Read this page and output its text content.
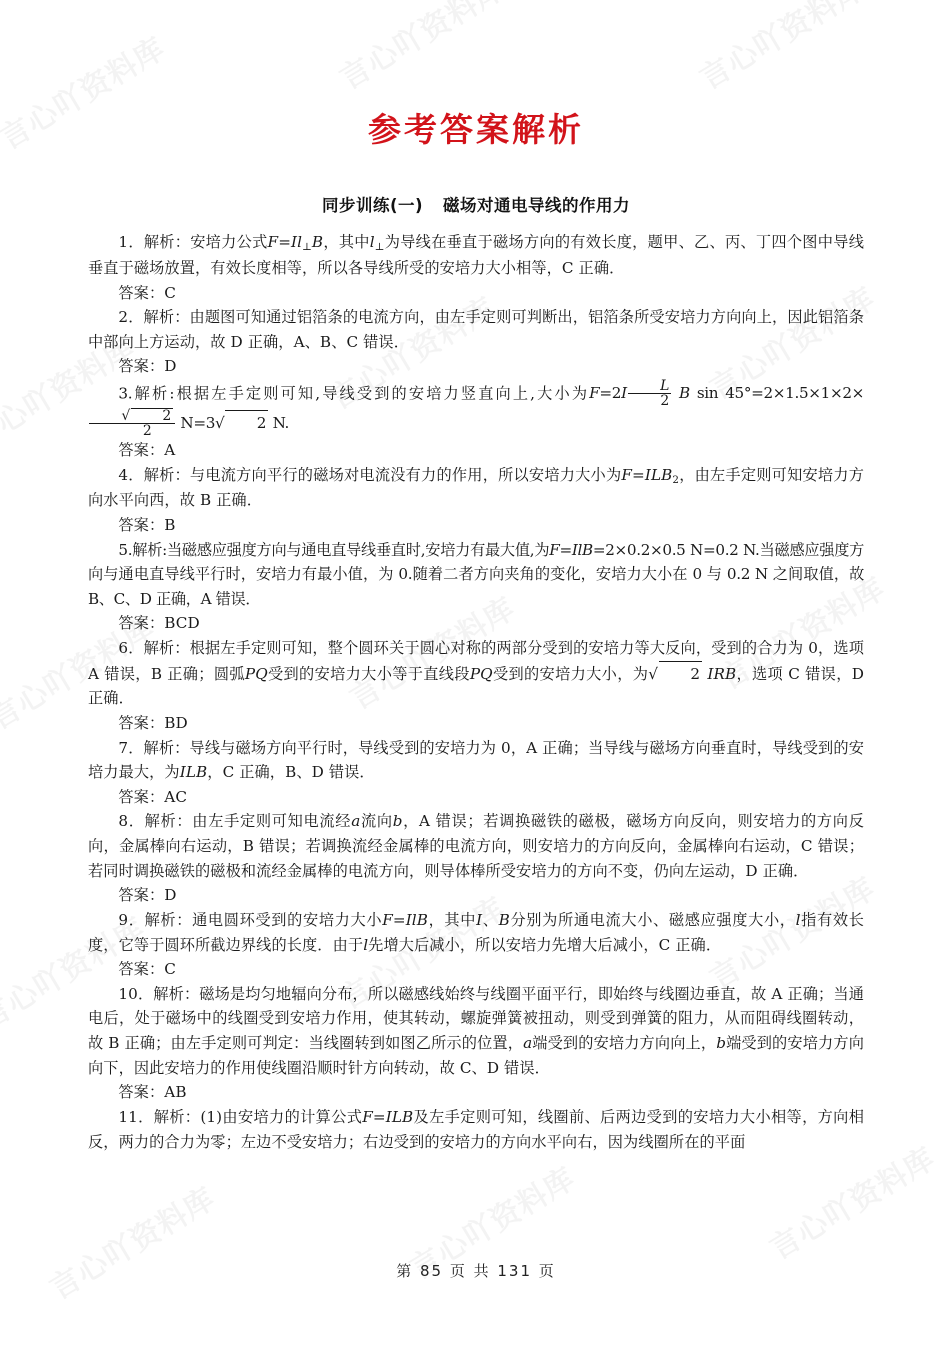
参考答案解析
同步训练(一) 磁场对通电导线的作用力

1．解析：安培力公式$F=Il_\perp B$，其中$l_\perp$为导线在垂直于磁场方向的有效长度，题甲、乙、丙、丁四个图中导线垂直于磁场放置，有效长度相等，所以各导线所受的安培力大小相等，C 正确．

答案：C

2．解析：由题图可知通过铝箔条的电流方向，由左手定则可判断出，铝箔条所受安培力方向向上，因此铝箔条中部向上方运动，故 D 正确，A、B、C 错误．

答案：D

3.解析:根据左手定则可知,导线受到的安培力竖直向上,大小为$F=2I \frac{L}{2}$ B sin 45°=2×1.5×1×2×
$\frac{√ 2}{2} N=3√$ 2 N.

答案：A

4．解析：与电流方向平行的磁场对电流没有力的作用，所以安培力大小为$F=ILB_2$，由左手定则可知安培力方向水平向西，故 B 正确．

答案：B

5.解析:当磁感应强度方向与通电直导线垂直时,安培力有最大值,为F=IlB=2×0.2×0.5 N=0.2 N.当磁感应强度方向与通电直导线平行时，安培力有最小值，为 0.随着二者方向夹角的变化，安培力大小在 0 与 0.2 N 之间取值，故 B、C、D 正确，A 错误．

答案：BCD

6．解析：根据左手定则可知，整个圆环关于圆心对称的两部分受到的安培力等大反向，受到的合力为 0，选项 A 错误，B 正确；圆弧PQ受到的安培力大小等于直线段PQ受到的安培力大小，为√ 2 IRB，选项 C 错误，D 正确．

答案：BD

7．解析：导线与磁场方向平行时，导线受到的安培力为 0，A 正确；当导线与磁场方向垂直时，导线受到的安培力最大，为ILB，C 正确，B、D 错误．

答案：AC

8．解析：由左手定则可知电流经a流向b，A 错误；若调换磁铁的磁极，磁场方向反向，则安培力的方向反向，金属棒向右运动，B 错误；若调换流经金属棒的电流方向，则安培力的方向反向，金属棒向右运动，C 错误；若同时调换磁铁的磁极和流经金属棒的电流方向，则导体棒所受安培力的方向不变，仍向左运动，D 正确．

答案：D

9．解析：通电圆环受到的安培力大小F=IlB，其中I、B分别为所通电流大小、磁感应强度大小，l指有效长度，它等于圆环所截边界线的长度．由于l先增大后减小，所以安培力先增大后减小，C 正确．

答案：C

10．解析：磁场是均匀地辐向分布，所以磁感线始终与线圈平面平行，即始终与线圈边垂直，故 A 正确；当通电后，处于磁场中的线圈受到安培力作用，使其转动，螺旋弹簧被扭动，则受到弹簧的阻力，从而阻碍线圈转动，故 B 正确；由左手定则可判定：当线圈转到如图乙所示的位置，a端受到的安培力方向向上，b端受到的安培力方向向下，因此安培力的作用使线圈沿顺时针方向转动，故 C、D 错误．

答案：AB

11．解析：(1)由安培力的计算公式F=ILB及左手定则可知，线圈前、后两边受到的安培力大小相等，方向相反，两力的合力为零；左边不受安培力；右边受到的安培力的方向水平向右，因为线圈所在的平面

第 85 页 共 131 页
